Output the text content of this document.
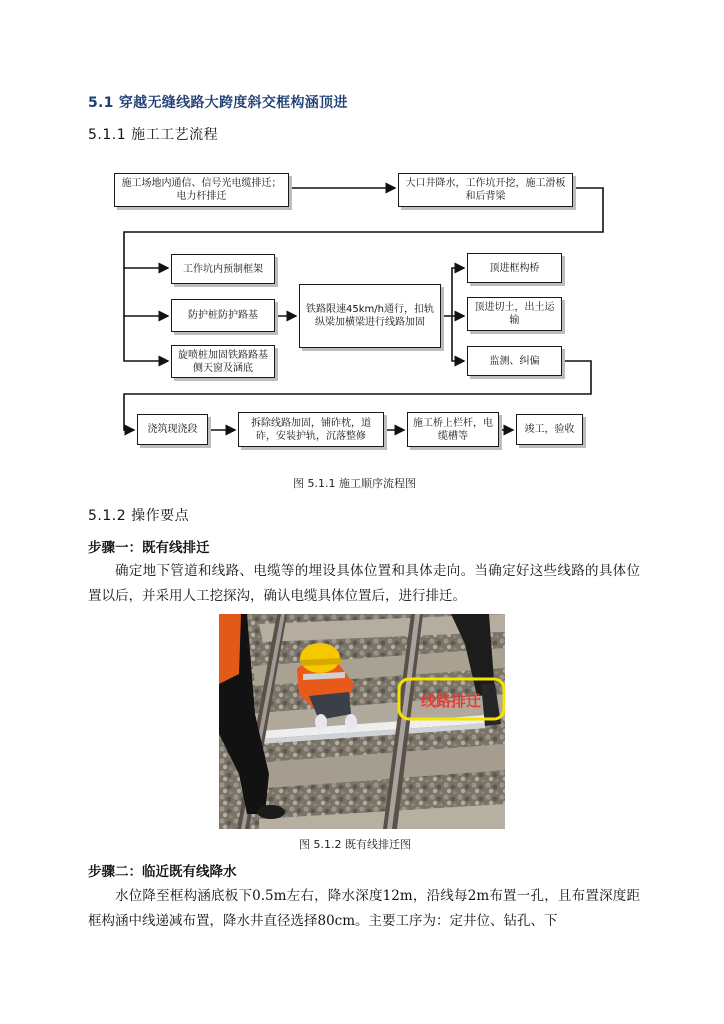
5.1 穿越无缝线路大跨度斜交框构涵顶进
5.1.1 施工工艺流程
施工场地内通信、信号光电缆排迁；电力杆排迁
大口井降水，工作坑开挖，施工滑板和后背梁
工作坑内预制框架
防护桩防护路基
旋喷桩加固铁路路基侧天窗及涵底
铁路限速45km/h通行，扣轨纵梁加横梁进行线路加固
顶进框构桥
顶进切土，出土运输
监测、纠偏
浇筑现浇段
拆除线路加固，铺砟枕，道砟，安装护轨，沉落整修
施工桥上栏杆，电缆槽等
竣工，验收
图 5.1.1 施工顺序流程图
5.1.2 操作要点
步骤一：既有线排迁
确定地下管道和线路、电缆等的埋设具体位置和具体走向。当确定好这些线路的具体位置以后，并采用人工挖探沟，确认电缆具体位置后，进行排迁。
线路排迁
图 5.1.2 既有线排迁图
步骤二：临近既有线降水
水位降至框构涵底板下0.5m左右，降水深度12m，沿线每2m布置一孔，且布置深度距框构涵中线递减布置，降水井直径选择80cm。主要工序为：定井位、钻孔、下
